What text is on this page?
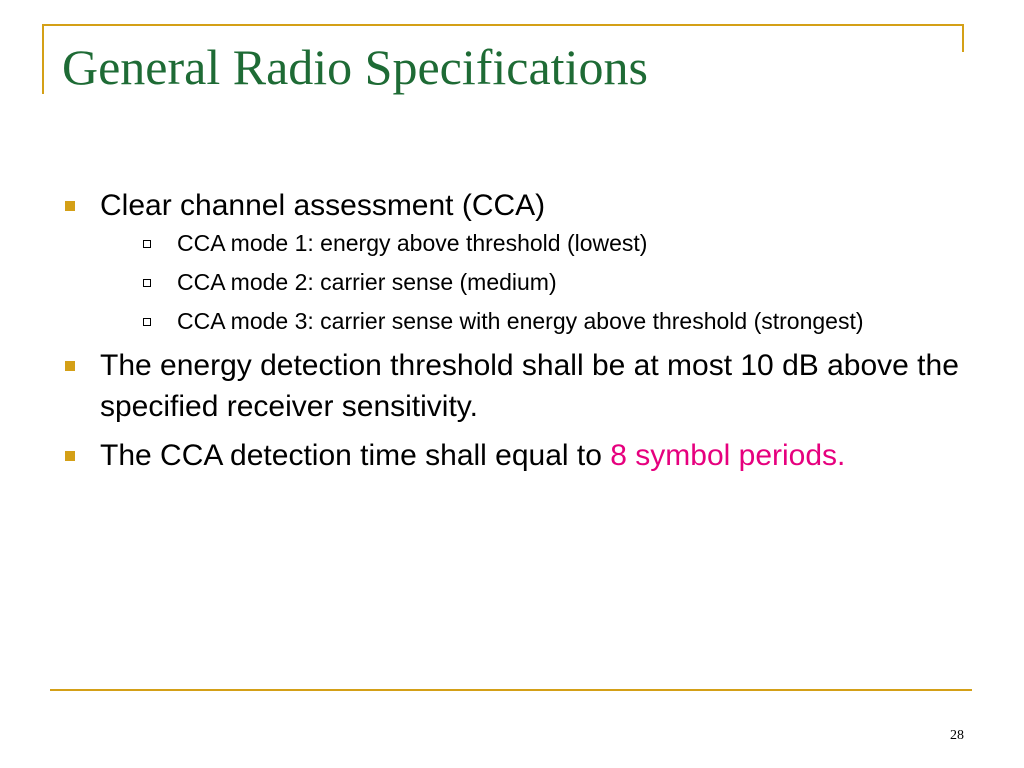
General Radio Specifications
Clear channel assessment (CCA)
CCA mode 1: energy above threshold (lowest)
CCA mode 2: carrier sense (medium)
CCA mode 3: carrier sense with energy above threshold (strongest)
The energy detection threshold shall be at most 10 dB above the specified receiver sensitivity.
The CCA detection time shall equal to 8 symbol periods.
28
